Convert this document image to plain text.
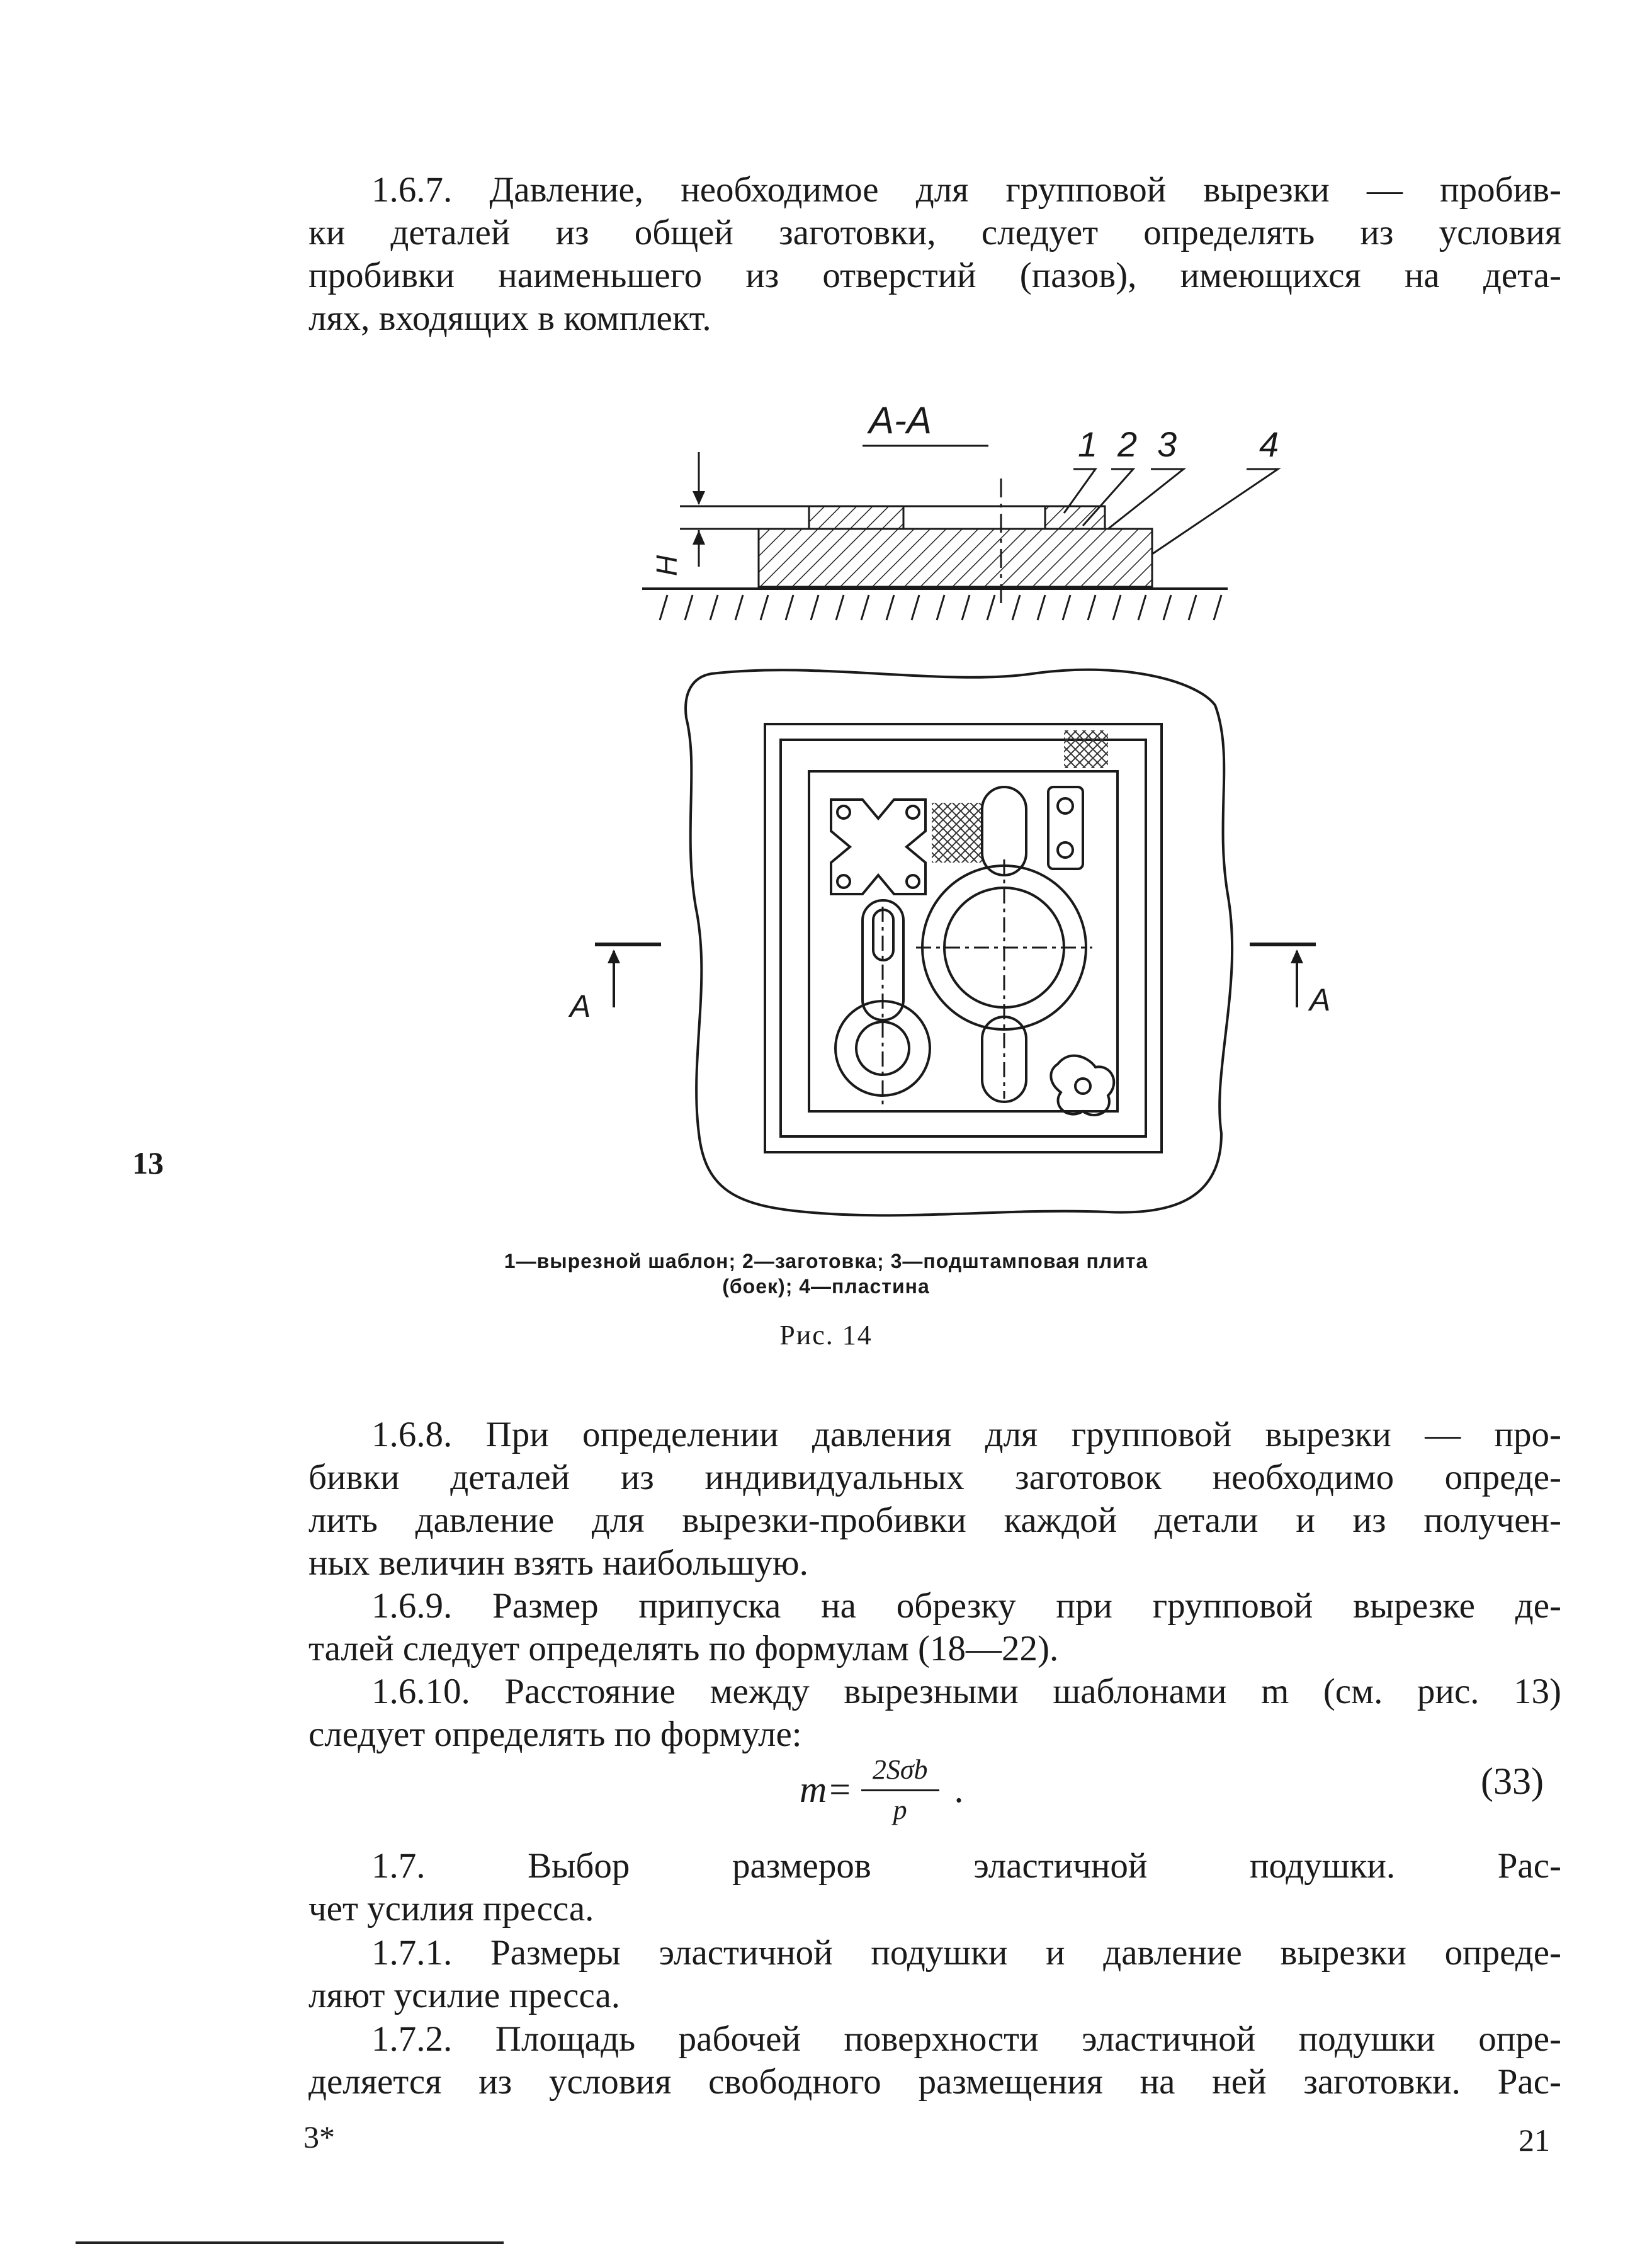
1.6.7. Давление, необходимое для групповой вырезки — пробив-
ки деталей из общей заготовки, следует определять из условия
пробивки наименьшего из отверстий (пазов), имеющихся на дета-
лях, входящих в комплект.
А-А
1 2 3 4
H
A	A
13
1—вырезной шаблон; 2—заготовка; 3—подштамповая плита
(боек); 4—пластина
Рис. 14
1.6.8. При определении давления для групповой вырезки — про-
бивки деталей из индивидуальных заготовок необходимо опреде-
лить давление для вырезки-пробивки каждой детали и из получен-
ных величин взять наибольшую.
1.6.9. Размер припуска на обрезку при групповой вырезке де-
талей следует определять по формулам (18—22).
1.6.10. Расстояние между вырезными шаблонами m (см. рис. 13)
следует определять по формуле:
$m= \frac{\text{2Sσb}}{p}$ .	(33)
1.7. Выбор размеров эластичной подушки. Рас-
чет усилия пресса.
1.7.1. Размеры эластичной подушки и давление вырезки опреде-
ляют усилие пресса.
1.7.2. Площадь рабочей поверхности эластичной подушки опре-
деляется из условия свободного размещения на ней заготовки. Рас-
3*	21
